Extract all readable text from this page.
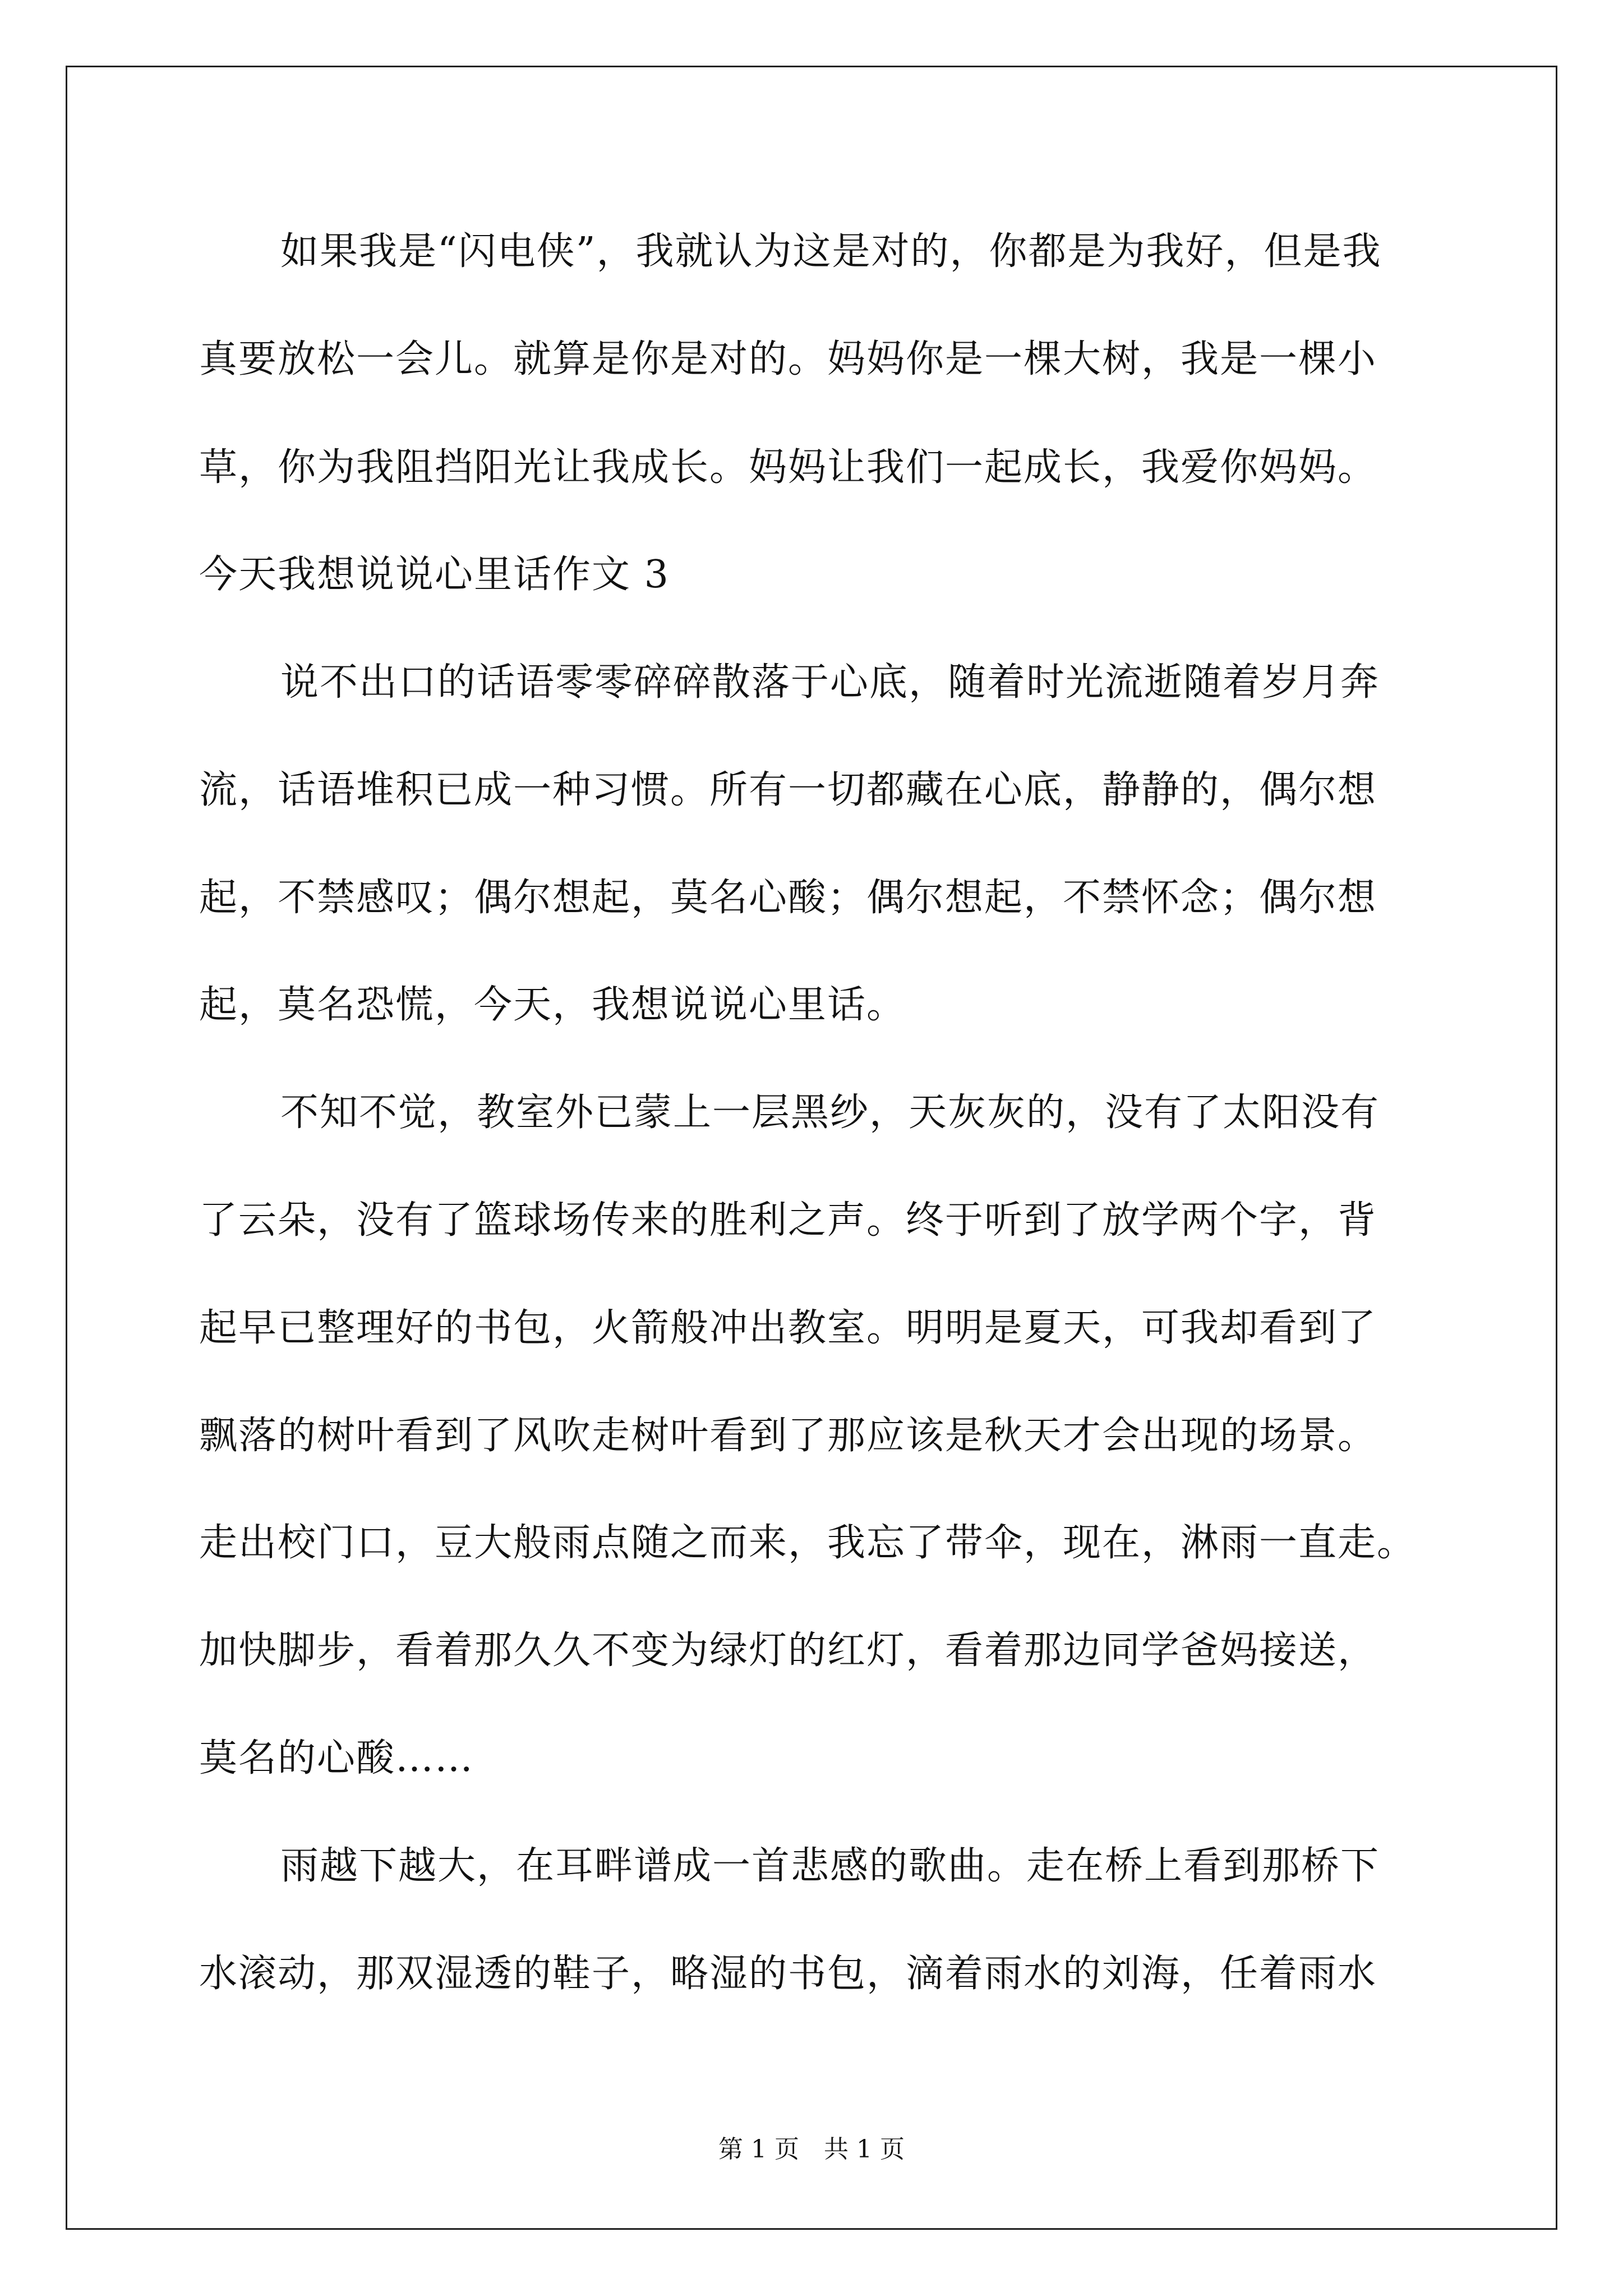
如果我是“闪电侠”，我就认为这是对的，你都是为我好，但是我
真要放松一会儿。就算是你是对的。妈妈你是一棵大树，我是一棵小
草，你为我阻挡阳光让我成长。妈妈让我们一起成长，我爱你妈妈。
今天我想说说心里话作文 3
说不出口的话语零零碎碎散落于心底，随着时光流逝随着岁月奔
流，话语堆积已成一种习惯。所有一切都藏在心底，静静的，偶尔想
起，不禁感叹；偶尔想起，莫名心酸；偶尔想起，不禁怀念；偶尔想
起，莫名恐慌，今天，我想说说心里话。
不知不觉，教室外已蒙上一层黑纱，天灰灰的，没有了太阳没有
了云朵，没有了篮球场传来的胜利之声。终于听到了放学两个字，背
起早已整理好的书包，火箭般冲出教室。明明是夏天，可我却看到了
飘落的树叶看到了风吹走树叶看到了那应该是秋天才会出现的场景。
走出校门口，豆大般雨点随之而来，我忘了带伞，现在，淋雨一直走。
加快脚步，看着那久久不变为绿灯的红灯，看着那边同学爸妈接送，
莫名的心酸……
雨越下越大，在耳畔谱成一首悲感的歌曲。走在桥上看到那桥下
水滚动，那双湿透的鞋子，略湿的书包，滴着雨水的刘海，任着雨水
第 1 页　共 1 页
